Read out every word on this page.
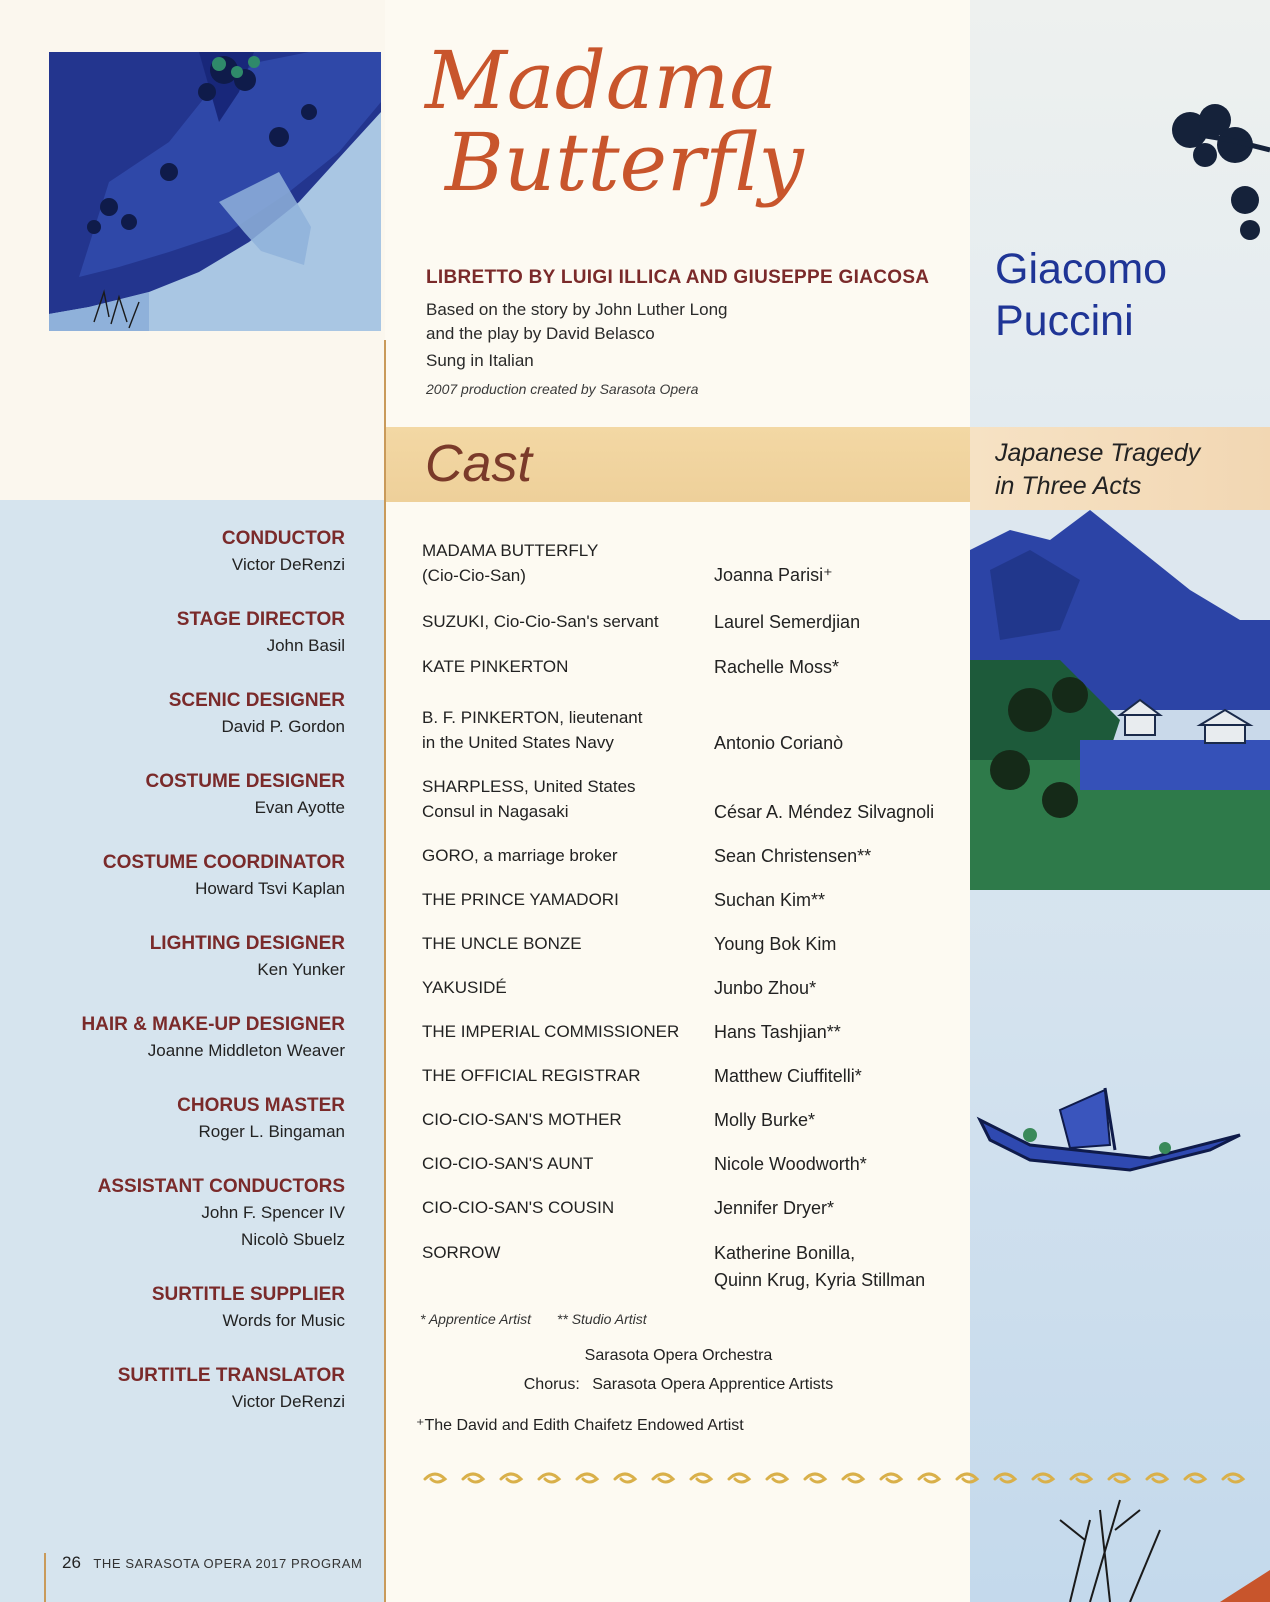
Madama
Butterfly
LIBRETTO BY LUIGI ILLICA AND GIUSEPPE GIACOSA
Based on the story by John Luther Long
and the play by David Belasco
Sung in Italian
2007 production created by Sarasota Opera
Giacomo
Puccini
Japanese Tragedy
in Three Acts
Cast
CONDUCTOR
Victor DeRenzi
STAGE DIRECTOR
John Basil
SCENIC DESIGNER
David P. Gordon
COSTUME DESIGNER
Evan Ayotte
COSTUME COORDINATOR
Howard Tsvi Kaplan
LIGHTING DESIGNER
Ken Yunker
HAIR & MAKE-UP DESIGNER
Joanne Middleton Weaver
CHORUS MASTER
Roger L. Bingaman
ASSISTANT CONDUCTORS
John F. Spencer IV
Nicolò Sbuelz
SURTITLE SUPPLIER
Words for Music
SURTITLE TRANSLATOR
Victor DeRenzi
MADAMA BUTTERFLY
(Cio-Cio-San)	Joanna Parisi⁺
SUZUKI, Cio-Cio-San's servant	Laurel Semerdjian
KATE PINKERTON	Rachelle Moss*
B. F. PINKERTON, lieutenant
in the United States Navy	Antonio Corianò
SHARPLESS, United States
Consul in Nagasaki	César A. Méndez Silvagnoli
GORO, a marriage broker	Sean Christensen**
THE PRINCE YAMADORI	Suchan Kim**
THE UNCLE BONZE	Young Bok Kim
YAKUSIDÉ	Junbo Zhou*
THE IMPERIAL COMMISSIONER Hans Tashjian**
THE OFFICIAL REGISTRAR	Matthew Ciuffitelli*
CIO-CIO-SAN'S MOTHER	Molly Burke*
CIO-CIO-SAN'S AUNT	Nicole Woodworth*
CIO-CIO-SAN'S COUSIN	Jennifer Dryer*
SORROW	Katherine Bonilla,
Quinn Krug, Kyria Stillman
* Apprentice Artist ** Studio Artist
Sarasota Opera Orchestra
Chorus: Sarasota Opera Apprentice Artists
⁺The David and Edith Chaifetz Endowed Artist
26 THE SARASOTA OPERA 2017 PROGRAM
